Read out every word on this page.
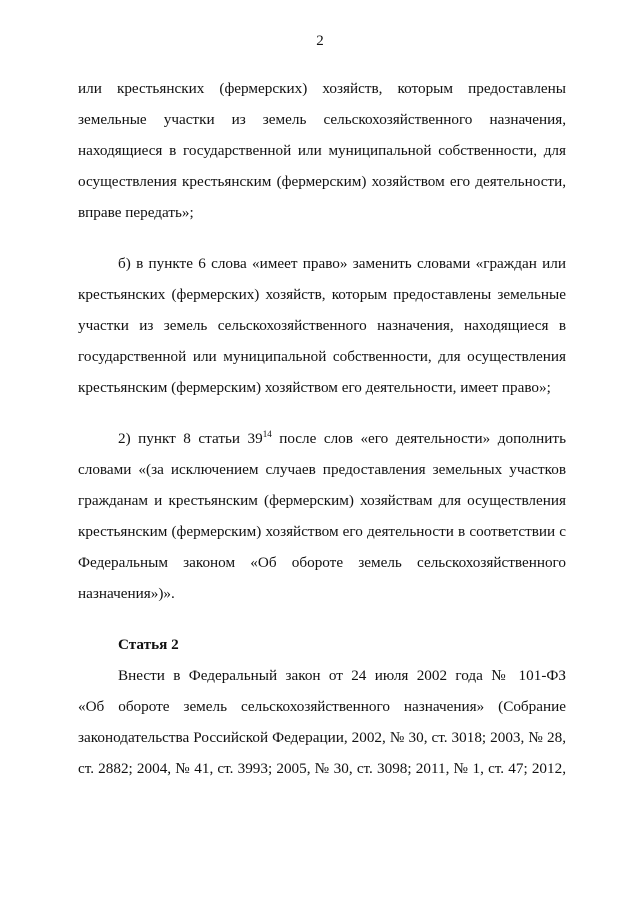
2

или крестьянских (фермерских) хозяйств, которым предоставлены

земельные участки из земель сельскохозяйственного назначения,

находящиеся в государственной или муниципальной собственности, для

осуществления крестьянским (фермерским) хозяйством его деятельности,

вправе передать»;

б) в пункте 6 слова «имеет право» заменить словами «граждан или

крестьянских (фермерских) хозяйств, которым предоставлены земельные

участки из земель сельскохозяйственного назначения, находящиеся в

государственной или муниципальной собственности, для осуществления

крестьянским (фермерским) хозяйством его деятельности, имеет право»;

2) пункт 8 статьи $39^{14}$ после слов «его деятельности» дополнить

словами «(за исключением случаев предоставления земельных участков

гражданам и крестьянским (фермерским) хозяйствам для осуществления

крестьянским (фермерским) хозяйством его деятельности в соответствии с

Федеральным законом «Об обороте земель сельскохозяйственного

назначения»)».

Статья 2

Внести в Федеральный закон от 24 июля 2002 года № 101-ФЗ

«Об обороте земель сельскохозяйственного назначения» (Собрание

законодательства Российской Федерации, 2002, № 30, ст. 3018; 2003, № 28,

ст. 2882; 2004, № 41, ст. 3993; 2005, № 30, ст. 3098; 2011, № 1, ст. 47; 2012,
